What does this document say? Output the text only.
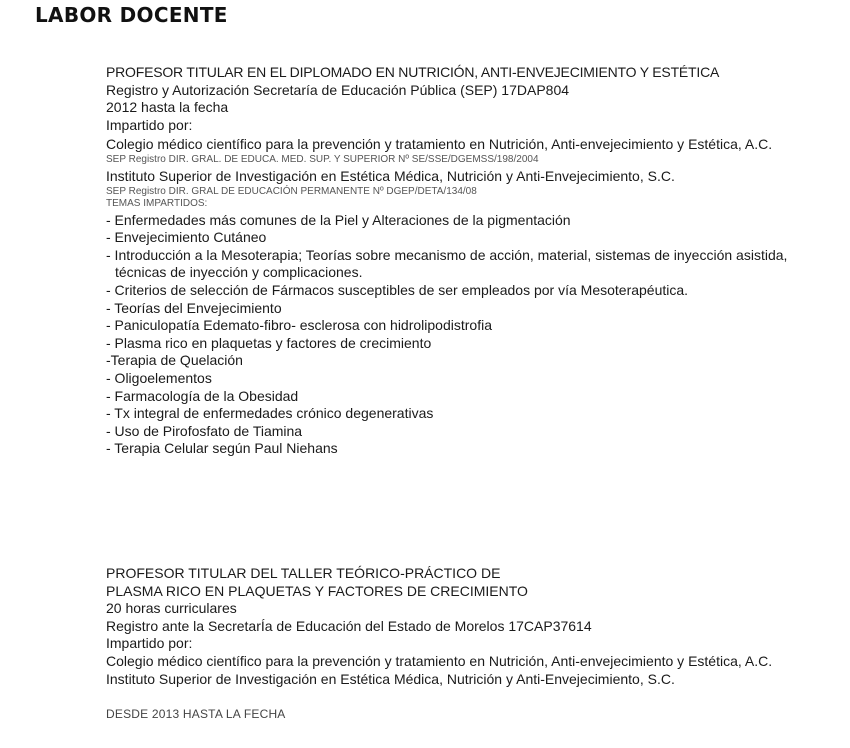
LABOR DOCENTE
PROFESOR TITULAR EN EL DIPLOMADO EN NUTRICIÓN, ANTI-ENVEJECIMIENTO Y ESTÉTICA
Registro y Autorización Secretaría de Educación Pública (SEP) 17DAP804
2012 hasta la fecha
Impartido por:
Colegio médico científico para la prevención y tratamiento en Nutrición, Anti-envejecimiento y Estética, A.C.
SEP Registro DIR. GRAL. DE EDUCA. MED. SUP. Y SUPERIOR Nº SE/SSE/DGEMSS/198/2004
Instituto Superior de Investigación en Estética Médica, Nutrición y Anti-Envejecimiento, S.C.
SEP Registro DIR. GRAL DE EDUCACIÓN PERMANENTE Nº DGEP/DETA/134/08
TEMAS IMPARTIDOS:
- Enfermedades más comunes de la Piel y Alteraciones de la pigmentación
- Envejecimiento Cutáneo
- Introducción a la Mesoterapia; Teorías sobre mecanismo de acción, material, sistemas de inyección asistida, técnicas de inyección y complicaciones.
- Criterios de selección de Fármacos susceptibles de ser empleados por vía Mesoterapéutica.
- Teorías del Envejecimiento
- Paniculopatía Edemato-fibro- esclerosa con hidrolipodistrofia
- Plasma rico en plaquetas y factores de crecimiento
-Terapia de Quelación
- Oligoelementos
- Farmacología de la Obesidad
- Tx integral de enfermedades crónico degenerativas
- Uso de Pirofosfato de Tiamina
- Terapia Celular según Paul Niehans
PROFESOR TITULAR DEL TALLER TEÓRICO-PRÁCTICO DE
PLASMA RICO EN PLAQUETAS Y FACTORES DE CRECIMIENTO
20 horas curriculares
Registro ante la SecretarÍa de Educación del Estado de Morelos 17CAP37614
Impartido por:
Colegio médico científico para la prevención y tratamiento en Nutrición, Anti-envejecimiento y Estética, A.C.
Instituto Superior de Investigación en Estética Médica, Nutrición y Anti-Envejecimiento, S.C.
DESDE 2013 HASTA LA FECHA
